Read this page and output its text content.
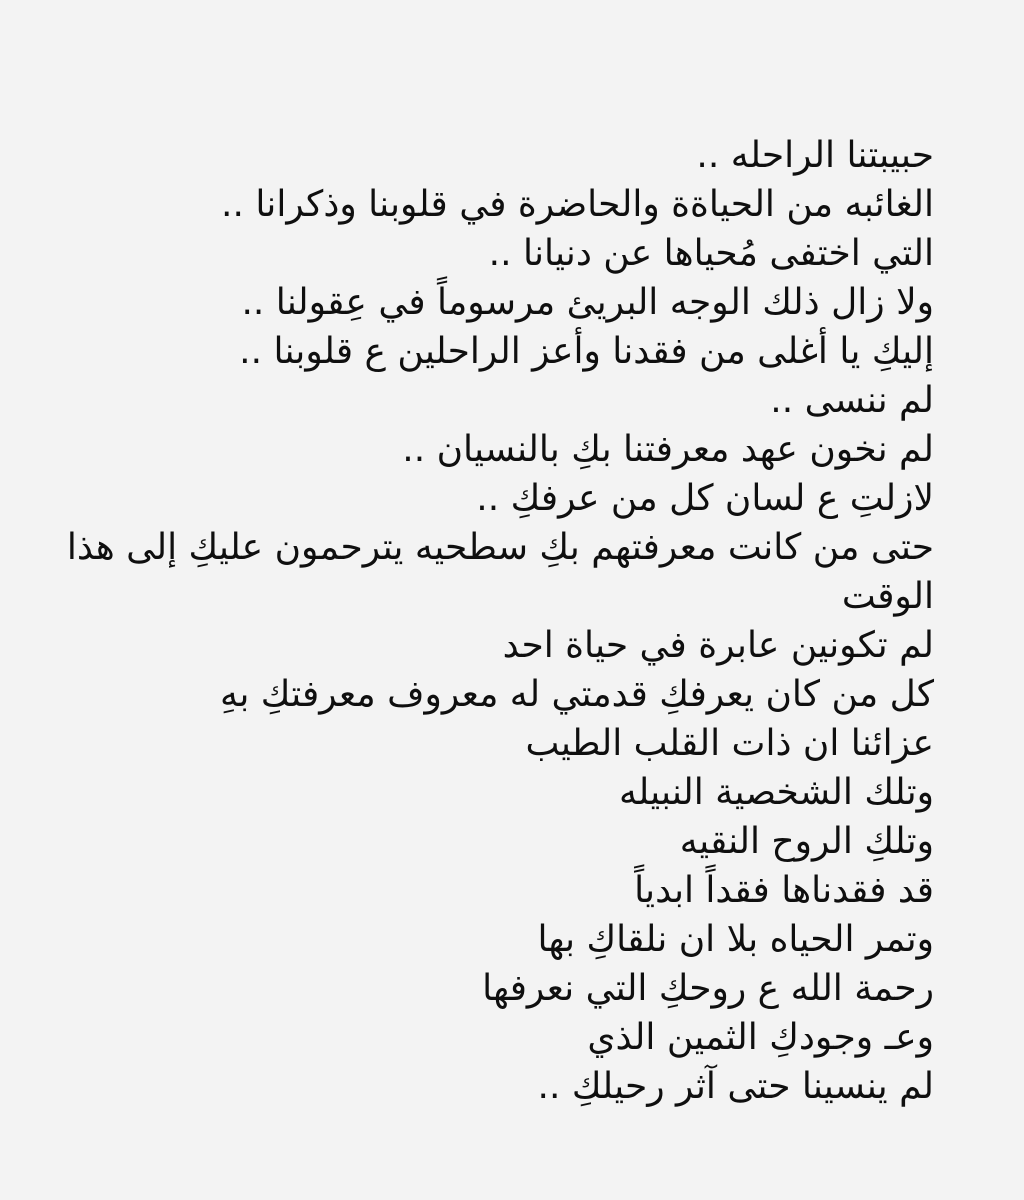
حبيبتنا الراحله ..
الغائبه من الحياةة والحاضرة في قلوبنا وذكرانا ..
التي اختفى مُحياها عن دنيانا ..
ولا زال ذلك الوجه البريئ مرسوماً في عِقولنا ..
إليكِ يا أغلى من فقدنا وأعز الراحلين ع قلوبنا ..
لم ننسى ..
لم نخون عهد معرفتنا بكِ بالنسيان ..
لازلتِ ع لسان كل من عرفكِ ..
حتى من كانت معرفتهم بكِ سطحيه يترحمون عليكِ إلى هذا
الوقت
لم تكونين عابرة في حياة احد
كل من كان يعرفكِ قدمتي له معروف معرفتكِ بهِ
عزائنا ان ذات القلب الطيب
وتلك الشخصية النبيله
وتلكِ الروح النقيه
قد فقدناها فقداً ابدياً
وتمر الحياه بلا ان نلقاكِ بها
رحمة الله ع روحكِ التي نعرفها
وعـ وجودكِ الثمين الذي
لم ينسينا حتى آثر رحيلكِ ..
